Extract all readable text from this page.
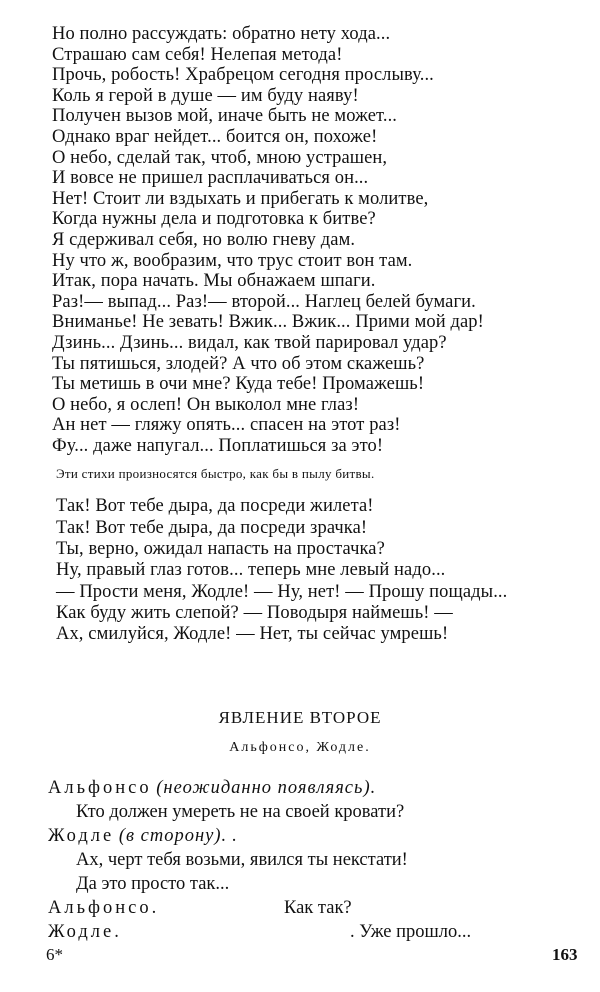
Но полно рассуждать: обратно нету хода...
Страшаю сам себя! Нелепая метода!
Прочь, робость! Храбрецом сегодня прослыву...
Коль я герой в душе — им буду наяву!
Получен вызов мой, иначе быть не может...
Однако враг нейдет... боится он, похоже!
О небо, сделай так, чтоб, мною устрашен,
И вовсе не пришел расплачиваться он...
Нет! Стоит ли вздыхать и прибегать к молитве,
Когда нужны дела и подготовка к битве?
Я сдерживал себя, но волю гневу дам.
Ну что ж, вообразим, что трус стоит вон там.
Итак, пора начать. Мы обнажаем шпаги.
Раз!— выпад... Раз!— второй... Наглец белей бумаги.
Вниманье! Не зевать! Вжик... Вжик... Прими мой дар!
Дзинь... Дзинь... видал, как твой парировал удар?
Ты пятишься, злодей? А что об этом скажешь?
Ты метишь в очи мне? Куда тебе! Промажешь!
О небо, я ослеп! Он выколол мне глаз!
Ан нет — гляжу опять... спасен на этот раз!
Фу... даже напугал... Поплатишься за это!
Эти стихи произносятся быстро, как бы в пылу битвы.
Так! Вот тебе дыра, да посреди жилета!
Так! Вот тебе дыра, да посреди зрачка!
Ты, верно, ожидал напасть на простачка?
Ну, правый глаз готов... теперь мне левый надо...
— Прости меня, Жодле! — Ну, нет! — Прошу пощады...
Как буду жить слепой? — Поводыря наймешь! —
Ах, смилуйся, Жодле! — Нет, ты сейчас умрешь!
ЯВЛЕНИЕ ВТОРОЕ
Альфонсо, Жодле.
Альфонсо (неожиданно появляясь).
Кто должен умереть не на своей кровати?
Жодле (в сторону). .
Ах, черт тебя возьми, явился ты некстати!
Да это просто так...
Альфонсо.	Как так?
Жодле.	. Уже прошло...
6*	163
